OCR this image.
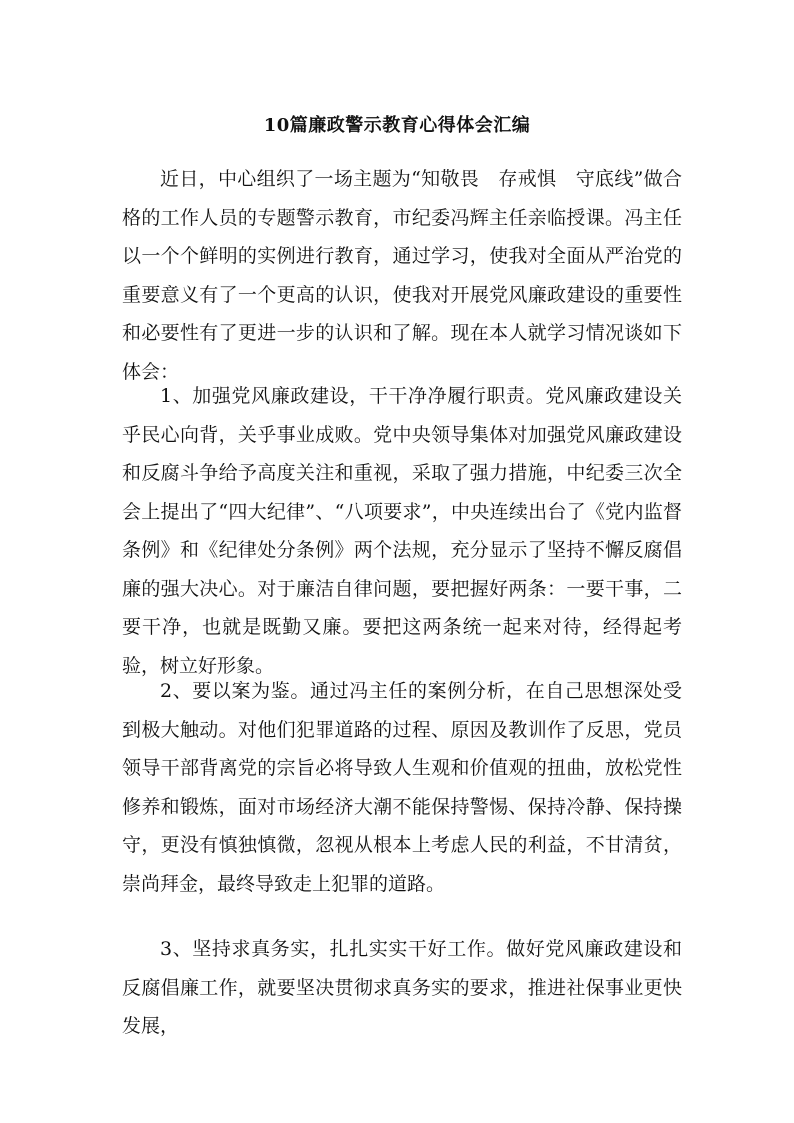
10篇廉政警示教育心得体会汇编

近日，中心组织了一场主题为“知敬畏　存戒惧　守底线”做合格的工作人员的专题警示教育，市纪委冯辉主任亲临授课。冯主任以一个个鲜明的实例进行教育，通过学习，使我对全面从严治党的重要意义有了一个更高的认识，使我对开展党风廉政建设的重要性和必要性有了更进一步的认识和了解。现在本人就学习情况谈如下体会：

1、加强党风廉政建设，干干净净履行职责。党风廉政建设关乎民心向背，关乎事业成败。党中央领导集体对加强党风廉政建设和反腐斗争给予高度关注和重视，采取了强力措施，中纪委三次全会上提出了“四大纪律”、“八项要求”，中央连续出台了《党内监督条例》和《纪律处分条例》两个法规，充分显示了坚持不懈反腐倡廉的强大决心。对于廉洁自律问题，要把握好两条：一要干事，二要干净，也就是既勤又廉。要把这两条统一起来对待，经得起考验，树立好形象。

2、要以案为鉴。通过冯主任的案例分析，在自己思想深处受到极大触动。对他们犯罪道路的过程、原因及教训作了反思，党员领导干部背离党的宗旨必将导致人生观和价值观的扭曲，放松党性修养和锻炼，面对市场经济大潮不能保持警惕、保持冷静、保持操守，更没有慎独慎微，忽视从根本上考虑人民的利益，不甘清贫，崇尚拜金，最终导致走上犯罪的道路。

3、坚持求真务实，扎扎实实干好工作。做好党风廉政建设和反腐倡廉工作，就要坚决贯彻求真务实的要求，推进社保事业更快发展，
